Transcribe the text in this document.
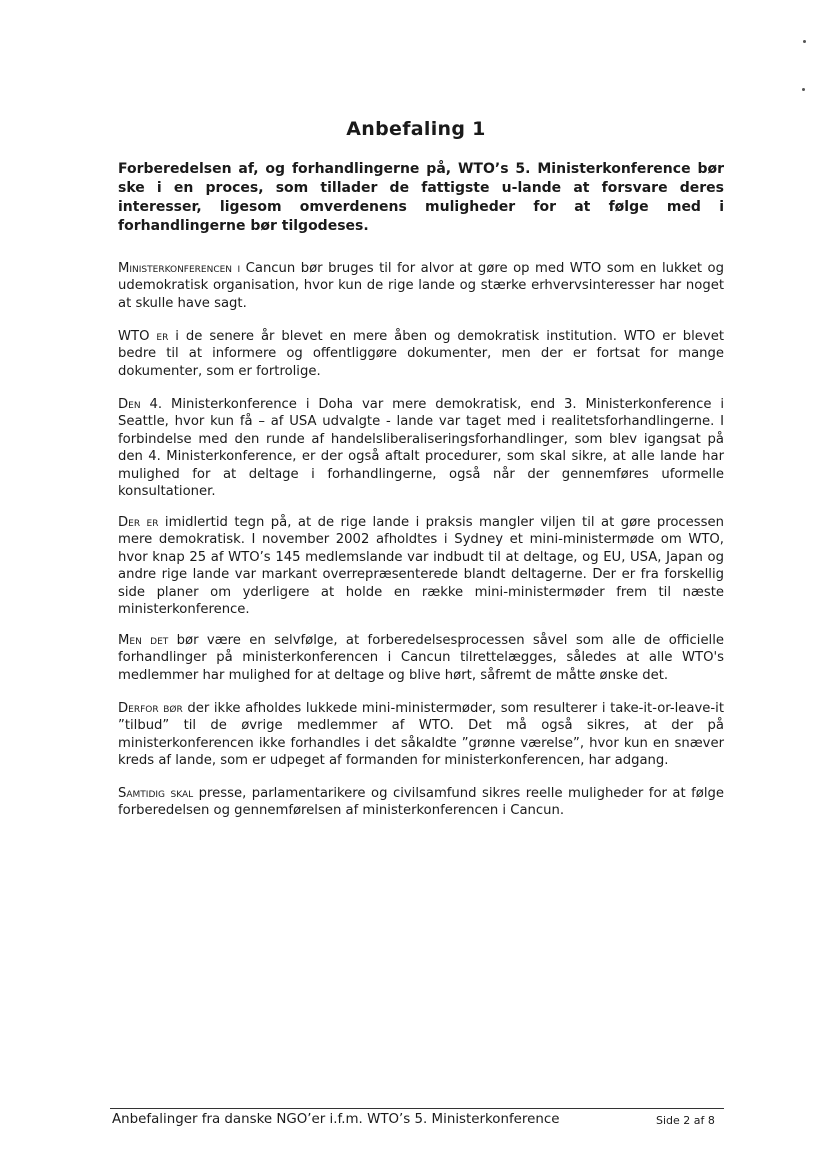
Anbefaling 1
Forberedelsen af, og forhandlingerne på, WTO’s 5. Ministerkonference bør ske i en proces, som tillader de fattigste u-lande at forsvare deres interesser, ligesom omverdenens muligheder for at følge med i forhandlingerne bør tilgodeses.
Ministerkonferencen i Cancun bør bruges til for alvor at gøre op med WTO som en lukket og udemokratisk organisation, hvor kun de rige lande og stærke erhvervsinteresser har noget at skulle have sagt.
WTO er i de senere år blevet en mere åben og demokratisk institution. WTO er blevet bedre til at informere og offentliggøre dokumenter, men der er fortsat for mange dokumenter, som er fortrolige.
Den 4. Ministerkonference i Doha var mere demokratisk, end 3. Ministerkonference i Seattle, hvor kun få – af USA udvalgte - lande var taget med i realitetsforhandlingerne. I forbindelse med den runde af handelsliberaliseringsforhandlinger, som blev igangsat på den 4. Ministerkonference, er der også aftalt procedurer, som skal sikre, at alle lande har mulighed for at deltage i forhandlingerne, også når der gennemføres uformelle konsultationer.
Der er imidlertid tegn på, at de rige lande i praksis mangler viljen til at gøre processen mere demokratisk. I november 2002 afholdtes i Sydney et mini-ministermøde om WTO, hvor knap 25 af WTO’s 145 medlemslande var indbudt til at deltage, og EU, USA, Japan og andre rige lande var markant overrepræsenterede blandt deltagerne. Der er fra forskellig side planer om yderligere at holde en række mini-ministermøder frem til næste ministerkonference.
Men det bør være en selvfølge, at forberedelsesprocessen såvel som alle de officielle forhandlinger på ministerkonferencen i Cancun tilrettelægges, således at alle WTO's medlemmer har mulighed for at deltage og blive hørt, såfremt de måtte ønske det.
Derfor bør der ikke afholdes lukkede mini-ministermøder, som resulterer i take-it-or-leave-it ”tilbud” til de øvrige medlemmer af WTO. Det må også sikres, at der på ministerkonferencen ikke forhandles i det såkaldte ”grønne værelse”, hvor kun en snæver kreds af lande, som er udpeget af formanden for ministerkonferencen, har adgang.
Samtidig skal presse, parlamentarikere og civilsamfund sikres reelle muligheder for at følge forberedelsen og gennemførelsen af ministerkonferencen i Cancun.
Anbefalinger fra danske NGO’er i.f.m. WTO’s 5. Ministerkonference	Side 2 af 8
